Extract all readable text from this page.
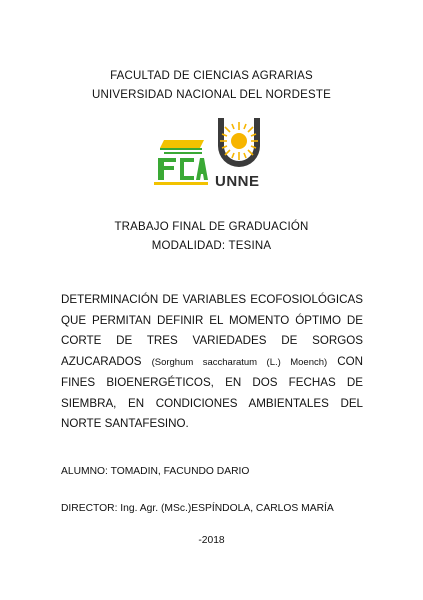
FACULTAD DE CIENCIAS AGRARIAS
UNIVERSIDAD NACIONAL DEL NORDESTE
UNNE
TRABAJO FINAL DE GRADUACIÓN
MODALIDAD: TESINA
DETERMINACIÓN DE VARIABLES ECOFOSIOLÓGICAS
QUE PERMITAN DEFINIR EL MOMENTO ÓPTIMO DE
CORTE DE TRES VARIEDADES DE SORGOS
AZUCARADOS (Sorghum saccharatum (L.) Moench) CON
FINES BIOENERGÉTICOS, EN DOS FECHAS DE
SIEMBRA, EN CONDICIONES AMBIENTALES DEL
NORTE SANTAFESINO.
ALUMNO: TOMADIN, FACUNDO DARIO
DIRECTOR: Ing. Agr. (MSc.)ESPÍNDOLA, CARLOS MARÍA
-2018
